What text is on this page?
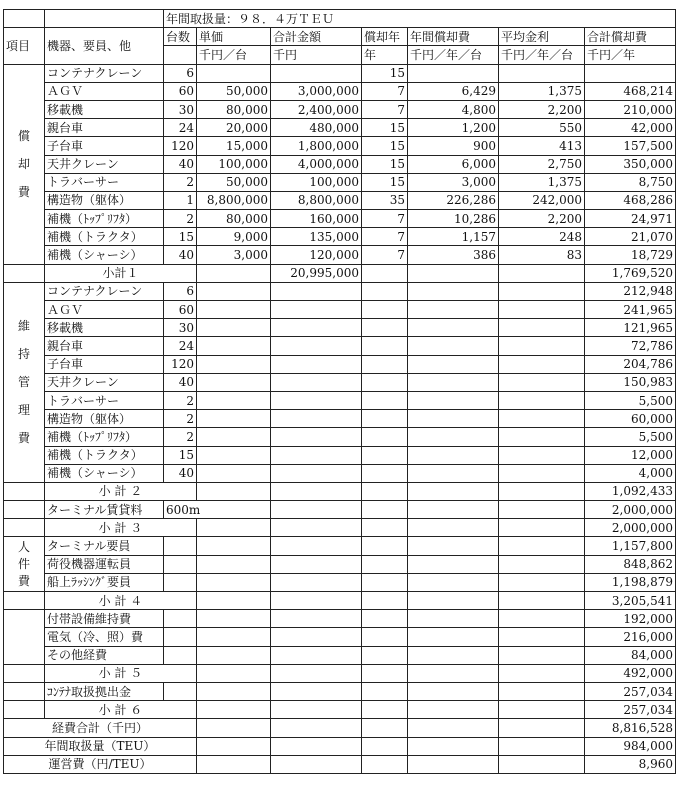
		年間取扱量：９８．４万ＴＥＵ						
項目	機器、要員、他	台数	単価	合計金額	償却年	年間償却費	平均金利	合計償却費
			千円／台	千円	年	千円／年／台	千円／年／台	千円／年

償
却
費	コンテナクレーン	6			15			
	ＡＧＶ	60	50,000	3,000,000	7	6,429	1,375	468,214
	移載機	30	80,000	2,400,000	7	4,800	2,200	210,000
	親台車	24	20,000	480,000	15	1,200	550	42,000
	子台車	120	15,000	1,800,000	15	900	413	157,500
	天井クレーン	40	100,000	4,000,000	15	6,000	2,750	350,000
	トラバーサー	2	50,000	100,000	15	3,000	1,375	8,750
	構造物（躯体）	1	8,800,000	8,800,000	35	226,286	242,000	468,286
	補機（ﾄｯﾌﾟﾘﾌﾀ）	2	80,000	160,000	7	10,286	2,200	24,971
	補機（トラクタ）	15	9,000	135,000	7	1,157	248	21,070
	補機（シャーシ）	40	3,000	120,000	7	386	83	18,729
	小計１			20,995,000				1,769,520

維
持
管
理
費	コンテナクレーン	6						212,948
	ＡＧＶ	60						241,965
	移載機	30						121,965
	親台車	24						72,786
	子台車	120						204,786
	天井クレーン	40						150,983
	トラバーサー	2						5,500
	構造物（躯体）	2						60,000
	補機（ﾄｯﾌﾟﾘﾌﾀ）	2						5,500
	補機（トラクタ）	15						12,000
	補機（シャーシ）	40						4,000
	小 計 ２							1,092,433
	ターミナル賃貸料	600m						2,000,000
	小 計 ３							2,000,000

人
件
費	ターミナル要員							1,157,800
	荷役機器運転員							848,862
	船上ﾗｯｼﾝｸﾞ要員							1,198,879
	小 計 ４							3,205,541
	付帯設備維持費							192,000
	電気（冷、照）費							216,000
	その他経費							84,000
	小 計 ５							492,000
	ｺﾝﾃﾅ取扱拠出金							257,034
	小 計 ６							257,034
経費合計（千円）								8,816,528
年間取扱量（TEU）								984,000
運営費（円/TEU）								8,960
